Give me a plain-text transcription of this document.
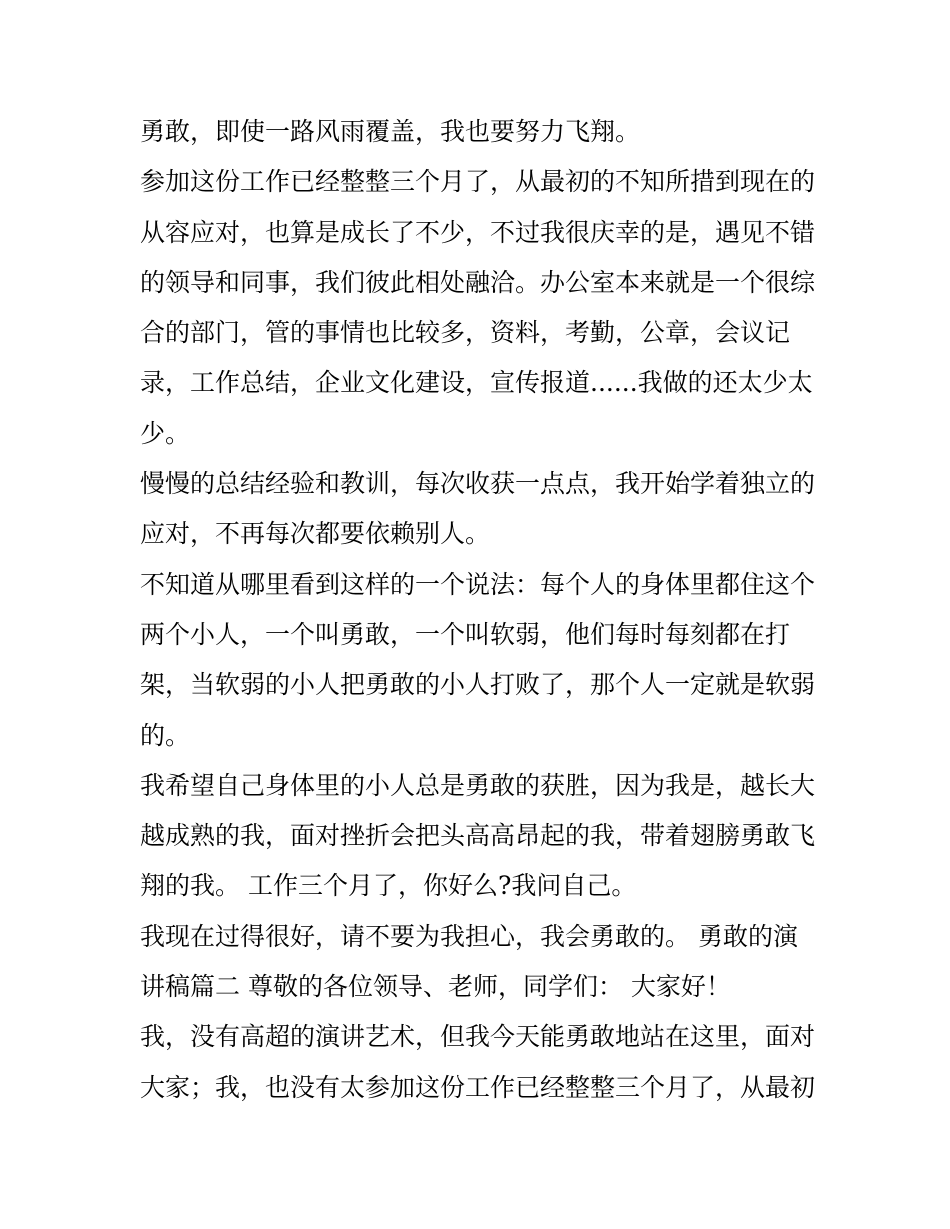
勇敢，即使一路风雨覆盖，我也要努力飞翔。

参加这份工作已经整整三个月了，从最初的不知所措到现在的

从容应对，也算是成长了不少，不过我很庆幸的是，遇见不错

的领导和同事，我们彼此相处融洽。办公室本来就是一个很综

合的部门，管的事情也比较多，资料，考勤，公章，会议记

录，工作总结，企业文化建设，宣传报道......我做的还太少太

少。

慢慢的总结经验和教训，每次收获一点点，我开始学着独立的

应对，不再每次都要依赖别人。

不知道从哪里看到这样的一个说法：每个人的身体里都住这个

两个小人，一个叫勇敢，一个叫软弱，他们每时每刻都在打

架，当软弱的小人把勇敢的小人打败了，那个人一定就是软弱

的。

我希望自己身体里的小人总是勇敢的获胜，因为我是，越长大

越成熟的我，面对挫折会把头高高昂起的我，带着翅膀勇敢飞

翔的我。 工作三个月了，你好么?我问自己。

我现在过得很好，请不要为我担心，我会勇敢的。 勇敢的演

讲稿篇二 尊敬的各位领导、老师，同学们： 大家好！

我，没有高超的演讲艺术，但我今天能勇敢地站在这里，面对

大家；我，也没有太参加这份工作已经整整三个月了，从最初
